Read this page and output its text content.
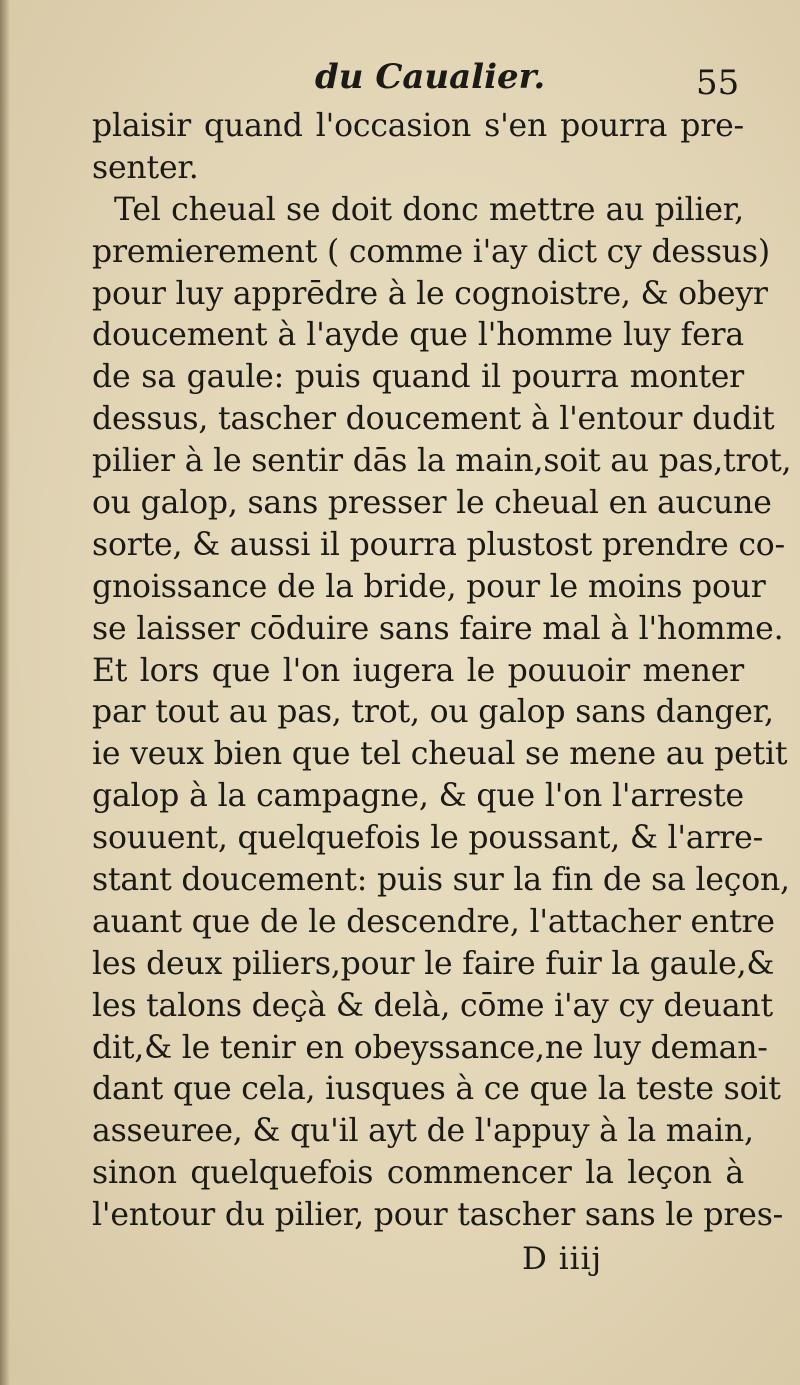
du Caualier.	55

plaisir quand l'occasion s'en pourra pre-
senter.
Tel cheual se doit donc mettre au pilier,
premierement ( comme i'ay dict cy dessus)
pour luy apprēdre à le cognoistre, & obeyr
doucement à l'ayde que l'homme luy fera
de sa gaule: puis quand il pourra monter
dessus, tascher doucement à l'entour dudit
pilier à le sentir dās la main,soit au pas,trot,
ou galop, sans presser le cheual en aucune
sorte, & aussi il pourra plustost prendre co-
gnoissance de la bride, pour le moins pour
se laisser cōduire sans faire mal à l'homme.
Et lors que l'on iugera le pouuoir mener
par tout au pas, trot, ou galop sans danger,
ie veux bien que tel cheual se mene au petit
galop à la campagne, & que l'on l'arreste
souuent, quelquefois le poussant, & l'arre-
stant doucement: puis sur la fin de sa leçon,
auant que de le descendre, l'attacher entre
les deux piliers,pour le faire fuir la gaule,&
les talons deçà & delà, cōme i'ay cy deuant
dit,& le tenir en obeyssance,ne luy deman-
dant que cela, iusques à ce que la teste soit
asseuree, & qu'il ayt de l'appuy à la main,
sinon quelquefois commencer la leçon à
l'entour du pilier, pour tascher sans le pres-

D iiij
